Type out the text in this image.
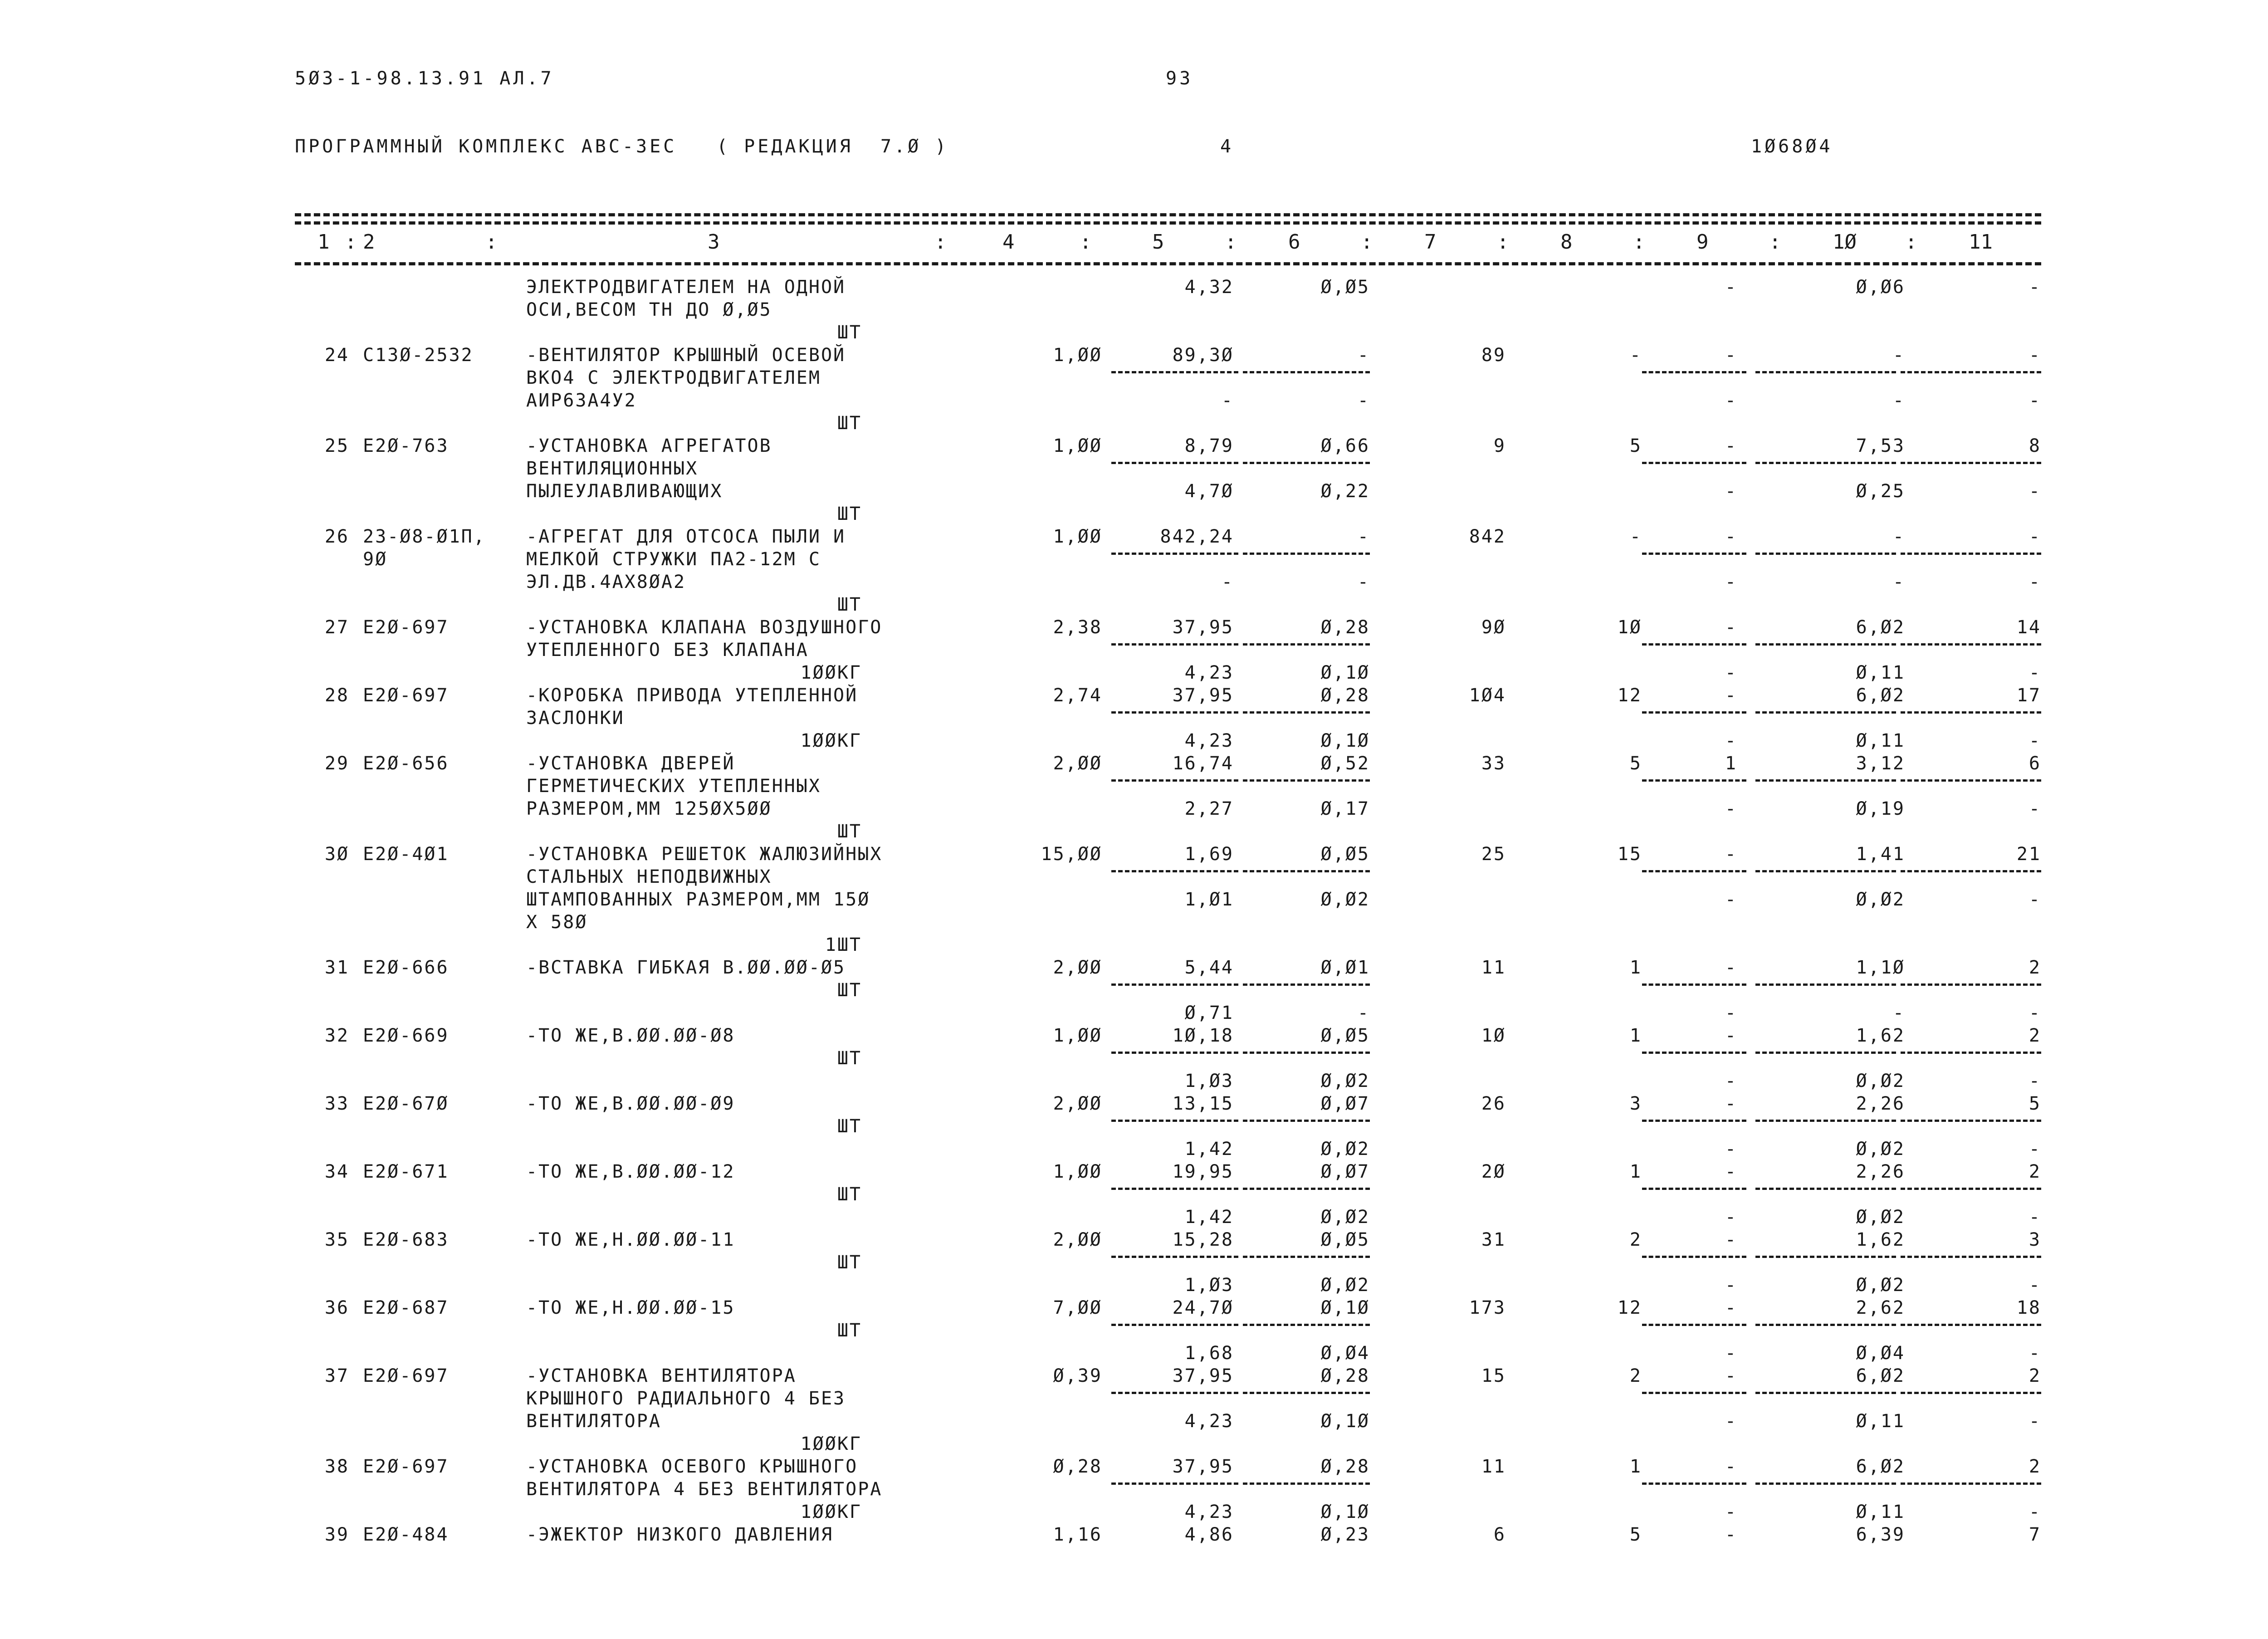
5Ø3-1-98.13.91 АЛ.7	93
ПРОГРАММНЫЙ КОМПЛЕКС АВС-3ЕС ( РЕДАКЦИЯ  7.Ø )	4	1Ø68Ø4
1 2	3	4	5	6	7	8	9	1Ø	11
:	:	:	:	:	:	:	:	:	:
ЭЛЕКТРОДВИГАТЕЛЕМ НА ОДНОЙ
ОСИ,ВЕСОМ ТН ДО Ø,Ø5
4,32	Ø,Ø5	-	Ø,Ø6	-
ШТ
24 С13Ø-2532	-ВЕНТИЛЯТОР КРЫШНЫЙ ОСЕВОЙ
ВКО4 С ЭЛЕКТРОДВИГАТЕЛЕМ
АИР63А4У2
1,ØØ	89,3Ø	-	89	-	-	-	-
-	-	-	-	-
ШТ
25 Е2Ø-763	-УСТАНОВКА АГРЕГАТОВ
ВЕНТИЛЯЦИОННЫХ
ПЫЛЕУЛАВЛИВАЮЩИХ
1,ØØ	8,79	Ø,66	9	5	-	7,53	8
4,7Ø	Ø,22	-	Ø,25	-
ШТ
26 23-Ø8-Ø1П,
9Ø
-АГРЕГАТ ДЛЯ ОТСОСА ПЫЛИ И
МЕЛКОЙ СТРУЖКИ ПА2-12М С
ЭЛ.ДВ.4АХ8ØА2
1,ØØ	842,24	-	842	-	-	-	-
-	-	-	-	-
ШТ
27 Е2Ø-697	-УСТАНОВКА КЛАПАНА ВОЗДУШНОГО
УТЕПЛЕННОГО БЕЗ КЛАПАНА
2,38	37,95	Ø,28	9Ø	1Ø	-	6,Ø2	14
4,23	Ø,1Ø	-	Ø,11	-
1ØØКГ
28 Е2Ø-697	-КОРОБКА ПРИВОДА УТЕПЛЕННОЙ
ЗАСЛОНКИ
2,74	37,95	Ø,28	1Ø4	12	-	6,Ø2	17
4,23	Ø,1Ø	-	Ø,11	-
1ØØКГ
29 Е2Ø-656	-УСТАНОВКА ДВЕРЕЙ
ГЕРМЕТИЧЕСКИХ УТЕПЛЕННЫХ
РАЗМЕРОМ,ММ 125ØХ5ØØ
2,ØØ	16,74	Ø,52	33	5	1	3,12	6
2,27	Ø,17	-	Ø,19	-
ШТ
3Ø Е2Ø-4Ø1	-УСТАНОВКА РЕШЕТОК ЖАЛЮЗИЙНЫХ
СТАЛЬНЫХ НЕПОДВИЖНЫХ
ШТАМПОВАННЫХ РАЗМЕРОМ,ММ 15Ø
Х 58Ø
15,ØØ	1,69	Ø,Ø5	25	15	-	1,41	21
1,Ø1	Ø,Ø2	-	Ø,Ø2	-
1ШТ
31 Е2Ø-666	-ВСТАВКА ГИБКАЯ В.ØØ.ØØ-Ø5	2,ØØ	5,44	Ø,Ø1	11	1	-	1,1Ø	2
Ø,71	-	-	-	-
ШТ
32 Е2Ø-669	-ТО ЖЕ,В.ØØ.ØØ-Ø8	1,ØØ	1Ø,18	Ø,Ø5	1Ø	1	-	1,62	2
1,Ø3	Ø,Ø2	-	Ø,Ø2	-
ШТ
33 Е2Ø-67Ø	-ТО ЖЕ,В.ØØ.ØØ-Ø9	2,ØØ	13,15	Ø,Ø7	26	3	-	2,26	5
1,42	Ø,Ø2	-	Ø,Ø2	-
ШТ
34 Е2Ø-671	-ТО ЖЕ,В.ØØ.ØØ-12	1,ØØ	19,95	Ø,Ø7	2Ø	1	-	2,26	2
1,42	Ø,Ø2	-	Ø,Ø2	-
ШТ
35 Е2Ø-683	-ТО ЖЕ,Н.ØØ.ØØ-11	2,ØØ	15,28	Ø,Ø5	31	2	-	1,62	3
1,Ø3	Ø,Ø2	-	Ø,Ø2	-
ШТ
36 Е2Ø-687	-ТО ЖЕ,Н.ØØ.ØØ-15	7,ØØ	24,7Ø	Ø,1Ø	173	12	-	2,62	18
1,68	Ø,Ø4	-	Ø,Ø4	-
ШТ
37 Е2Ø-697	-УСТАНОВКА ВЕНТИЛЯТОРА
КРЫШНОГО РАДИАЛЬНОГО 4 БЕЗ
ВЕНТИЛЯТОРА
Ø,39	37,95	Ø,28	15	2	-	6,Ø2	2
4,23	Ø,1Ø	-	Ø,11	-
1ØØКГ
38 Е2Ø-697	-УСТАНОВКА ОСЕВОГО КРЫШНОГО
ВЕНТИЛЯТОРА 4 БЕЗ ВЕНТИЛЯТОРА
Ø,28	37,95	Ø,28	11	1	-	6,Ø2	2
4,23	Ø,1Ø	-	Ø,11	-
1ØØКГ
39 Е2Ø-484	-ЭЖЕКТОР НИЗКОГО ДАВЛЕНИЯ	1,16	4,86	Ø,23	6	5	-	6,39	7
